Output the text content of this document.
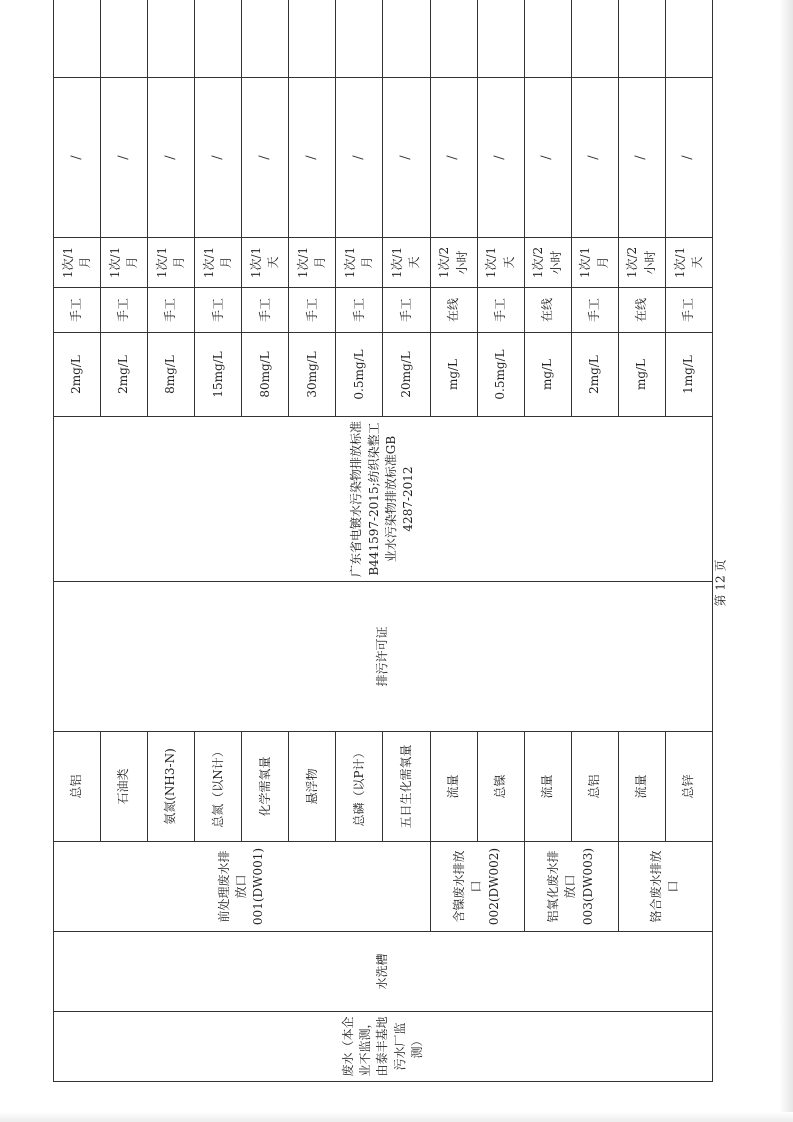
废水（本企业不监测，由泰丰基地污水厂监测）	水洗槽	前处理废水排放口001(DW001)	总铝	排污许可证	广东省电镀水污染物排放标准B441597-2015;纺织染整工业水污染物排放标准GB 4287-2012	2mg/L	手工	1次/1月	/	
			石油类			2mg/L	手工	1次/1月	/	
			氨氮(NH3-N)			8mg/L	手工	1次/1月	/	
			总氮（以N计）			15mg/L	手工	1次/1月	/	
			化学需氧量			80mg/L	手工	1次/1天	/	
			悬浮物			30mg/L	手工	1次/1月	/	
			总磷（以P计）			0.5mg/L	手工	1次/1月	/	
			五日生化需氧量			20mg/L	手工	1次/1天	/	
		含镍废水排放口002(DW002)	流量			mg/L	在线	1次/2小时	/	
			总镍			0.5mg/L	手工	1次/1天	/	
		铝氧化废水排放口003(DW003)	流量			mg/L	在线	1次/2小时	/	
			总铝			2mg/L	手工	1次/1月	/	
		铬合废水排放口	流量			mg/L	在线	1次/2小时	/	
			总锌			1mg/L	手工	1次/1天	/	
第 12 页
